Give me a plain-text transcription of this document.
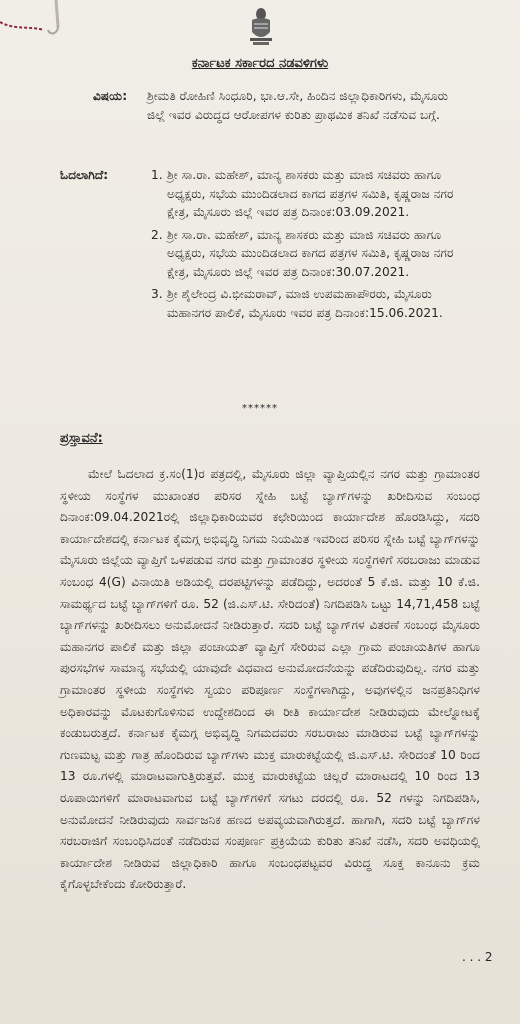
ಕರ್ನಾಟಕ ಸರ್ಕಾರದ ನಡವಳಿಗಳು
ವಿಷಯ: ಶ್ರೀಮತಿ ರೋಹಿಣಿ ಸಿಂಧೂರಿ, ಭಾ.ಆ.ಸೇ, ಹಿಂದಿನ ಜಿಲ್ಲಾಧಿಕಾರಿಗಳು, ಮೈಸೂರು ಜಿಲ್ಲೆ ಇವರ ವಿರುದ್ಧದ ಆರೋಪಗಳ ಕುರಿತು ಪ್ರಾಥಮಿಕ ತನಿಖೆ ನಡೆಸುವ ಬಗ್ಗೆ.
ಓದಲಾಗಿದೆ:	1. ಶ್ರೀ ಸಾ.ರಾ. ಮಹೇಶ್, ಮಾನ್ಯ ಶಾಸಕರು ಮತ್ತು ಮಾಜಿ ಸಚಿವರು ಹಾಗೂ ಅಧ್ಯಕ್ಷರು, ಸಭೆಯ ಮುಂದಿಡಲಾದ ಕಾಗದ ಪತ್ರಗಳ ಸಮಿತಿ, ಕೃಷ್ಣರಾಜ ನಗರ ಕ್ಷೇತ್ರ, ಮೈಸೂರು ಜಿಲ್ಲೆ ಇವರ ಪತ್ರ ದಿನಾಂಕ:03.09.2021.
2. ಶ್ರೀ ಸಾ.ರಾ. ಮಹೇಶ್, ಮಾನ್ಯ ಶಾಸಕರು ಮತ್ತು ಮಾಜಿ ಸಚಿವರು ಹಾಗೂ ಅಧ್ಯಕ್ಷರು, ಸಭೆಯ ಮುಂದಿಡಲಾದ ಕಾಗದ ಪತ್ರಗಳ ಸಮಿತಿ, ಕೃಷ್ಣರಾಜ ನಗರ ಕ್ಷೇತ್ರ, ಮೈಸೂರು ಜಿಲ್ಲೆ ಇವರ ಪತ್ರ ದಿನಾಂಕ:30.07.2021.
3. ಶ್ರೀ ಶೈಲೇಂದ್ರ ವಿ.ಭೀಮರಾವ್, ಮಾಜಿ ಉಪಮಹಾಪೌರರು, ಮೈಸೂರು ಮಹಾನಗರ ಪಾಲಿಕೆ, ಮೈಸೂರು ಇವರ ಪತ್ರ ದಿನಾಂಕ:15.06.2021.
******
ಪ್ರಸ್ತಾವನೆ:

ಮೇಲೆ ಓದಲಾದ ಕ್ರ.ಸಂ(1)ರ ಪತ್ರದಲ್ಲಿ, ಮೈಸೂರು ಜಿಲ್ಲಾ ವ್ಯಾಪ್ತಿಯಲ್ಲಿನ ನಗರ ಮತ್ತು ಗ್ರಾಮಾಂತರ ಸ್ಥಳೀಯ ಸಂಸ್ಥೆಗಳ ಮುಖಾಂತರ ಪರಿಸರ ಸ್ನೇಹಿ ಬಟ್ಟೆ ಬ್ಯಾಗ್‌ಗಳನ್ನು ಖರೀದಿಸುವ ಸಂಬಂಧ ದಿನಾಂಕ:09.04.2021ರಲ್ಲಿ ಜಿಲ್ಲಾಧಿಕಾರಿಯವರ ಕಛೇರಿಯಿಂದ ಕಾರ್ಯಾದೇಶ ಹೊರಡಿಸಿದ್ದು, ಸದರಿ ಕಾರ್ಯಾದೇಶದಲ್ಲಿ ಕರ್ನಾಟಕ ಕೈಮಗ್ಗ ಅಭಿವೃದ್ಧಿ ನಿಗಮ ನಿಯಮಿತ ಇವರಿಂದ ಪರಿಸರ ಸ್ನೇಹಿ ಬಟ್ಟೆ ಬ್ಯಾಗ್‌ಗಳನ್ನು ಮೈಸೂರು ಜಿಲ್ಲೆಯ ವ್ಯಾಪ್ತಿಗೆ ಒಳಪಡುವ ನಗರ ಮತ್ತು ಗ್ರಾಮಾಂತರ ಸ್ಥಳೀಯ ಸಂಸ್ಥೆಗಳಿಗೆ ಸರಬರಾಜು ಮಾಡುವ ಸಂಬಂಧ 4(G) ವಿನಾಯಿತಿ ಅಡಿಯಲ್ಲಿ ದರಪಟ್ಟಿಗಳನ್ನು ಪಡೆದಿದ್ದು, ಅದರಂತೆ 5 ಕೆ.ಜಿ. ಮತ್ತು 10 ಕೆ.ಜಿ. ಸಾಮರ್ಥ್ಯದ ಬಟ್ಟೆ ಬ್ಯಾಗ್‌ಗಳಿಗೆ ರೂ. 52 (ಜಿ.ಎಸ್.ಟಿ. ಸೇರಿದಂತೆ) ನಿಗದಿಪಡಿಸಿ ಒಟ್ಟು 14,71,458 ಬಟ್ಟೆ ಬ್ಯಾಗ್‌ಗಳನ್ನು ಖರೀದಿಸಲು ಅನುಮೋದನೆ ನೀಡಿರುತ್ತಾರೆ. ಸದರಿ ಬಟ್ಟೆ ಬ್ಯಾಗ್‌ಗಳ ವಿತರಣೆ ಸಂಬಂಧ ಮೈಸೂರು ಮಹಾನಗರ ಪಾಲಿಕೆ ಮತ್ತು ಜಿಲ್ಲಾ ಪಂಚಾಯತ್ ವ್ಯಾಪ್ತಿಗೆ ಸೇರಿರುವ ಎಲ್ಲಾ ಗ್ರಾಮ ಪಂಚಾಯತಿಗಳ ಹಾಗೂ ಪುರಸಭೆಗಳ ಸಾಮಾನ್ಯ ಸಭೆಯಲ್ಲಿ ಯಾವುದೇ ವಿಧವಾದ ಅನುಮೋದನೆಯನ್ನು ಪಡೆದಿರುವುದಿಲ್ಲ. ನಗರ ಮತ್ತು ಗ್ರಾಮಾಂತರ ಸ್ಥಳೀಯ ಸಂಸ್ಥೆಗಳು ಸ್ವಯಂ ಪರಿಪೂರ್ಣ ಸಂಸ್ಥೆಗಳಾಗಿದ್ದು, ಅವುಗಳಲ್ಲಿನ ಜನಪ್ರತಿನಿಧಿಗಳ ಅಧಿಕಾರವನ್ನು ಮೊಟಕುಗೊಳಿಸುವ ಉದ್ದೇಶದಿಂದ ಈ ರೀತಿ ಕಾರ್ಯಾದೇಶ ನೀಡಿರುವುದು ಮೇಲ್ನೋಟಕ್ಕೆ ಕಂಡುಬರುತ್ತದೆ. ಕರ್ನಾಟಕ ಕೈಮಗ್ಗ ಅಭಿವೃದ್ಧಿ ನಿಗಮದವರು ಸರಬರಾಜು ಮಾಡಿರುವ ಬಟ್ಟೆ ಬ್ಯಾಗ್‌ಗಳನ್ನು ಗುಣಮಟ್ಟ ಮತ್ತು ಗಾತ್ರ ಹೊಂದಿರುವ ಬ್ಯಾಗ್‌ಗಳು ಮುಕ್ತ ಮಾರುಕಟ್ಟೆಯಲ್ಲಿ ಜಿ.ಎಸ್.ಟಿ. ಸೇರಿದಂತೆ 10 ರಿಂದ 13 ರೂ.ಗಳಲ್ಲಿ ಮಾರಾಟವಾಗುತ್ತಿರುತ್ತವೆ. ಮುಕ್ತ ಮಾರುಕಟ್ಟೆಯ ಚಿಲ್ಲರೆ ಮಾರಾಟದಲ್ಲಿ 10 ರಿಂದ 13 ರೂಪಾಯಿಗಳಿಗೆ ಮಾರಾಟವಾಗುವ ಬಟ್ಟೆ ಬ್ಯಾಗ್‌ಗಳಿಗೆ ಸಗಟು ದರದಲ್ಲಿ ರೂ. 52 ಗಳನ್ನು ನಿಗದಿಪಡಿಸಿ, ಅನುಮೋದನೆ ನೀಡಿರುವುದು ಸಾರ್ವಜನಿಕ ಹಣದ ಅಪವ್ಯಯವಾಗಿರುತ್ತದೆ. ಹಾಗಾಗಿ, ಸದರಿ ಬಟ್ಟೆ ಬ್ಯಾಗ್‌ಗಳ ಸರಬರಾಜಿಗೆ ಸಂಬಂಧಿಸಿದಂತೆ ನಡೆದಿರುವ ಸಂಪೂರ್ಣ ಪ್ರಕ್ರಿಯೆಯ ಕುರಿತು ತನಿಖೆ ನಡೆಸಿ, ಸದರಿ ಅವಧಿಯಲ್ಲಿ ಕಾರ್ಯಾದೇಶ ನೀಡಿರುವ ಜಿಲ್ಲಾಧಿಕಾರಿ ಹಾಗೂ ಸಂಬಂಧಪಟ್ಟವರ ವಿರುದ್ಧ ಸೂಕ್ತ ಕಾನೂನು ಕ್ರಮ ಕೈಗೊಳ್ಳಬೇಕೆಂದು ಕೋರಿರುತ್ತಾರೆ.

. . . 2
